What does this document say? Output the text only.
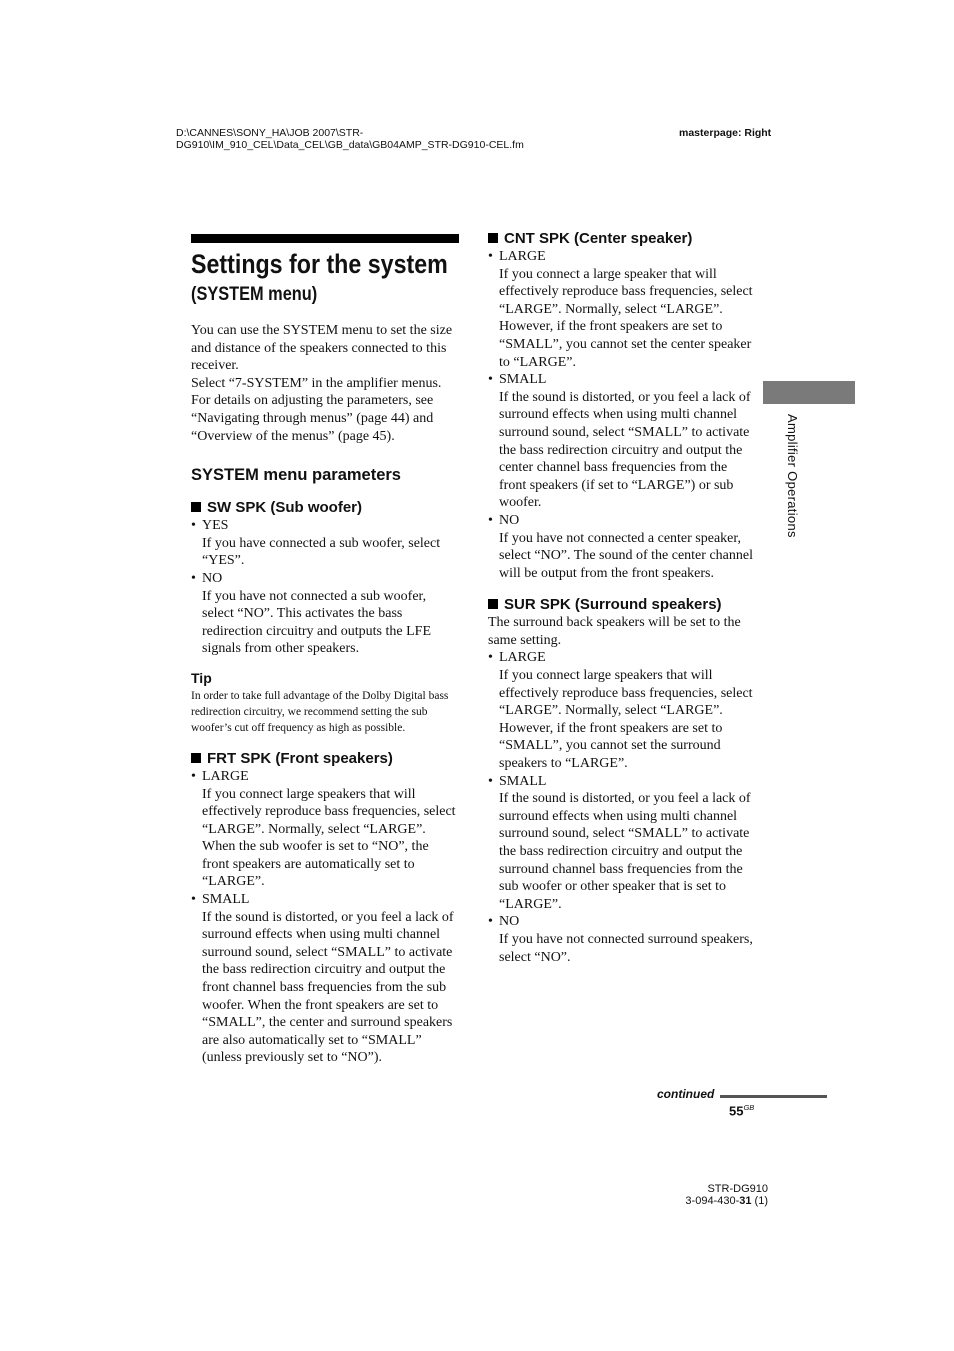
D:\CANNES\SONY_HA\JOB 2007\STR-
DG910\IM_910_CEL\Data_CEL\GB_data\GB04AMP_STR-DG910-CEL.fm
masterpage: Right
Settings for the system
(SYSTEM menu)

You can use the SYSTEM menu to set the size and distance of the speakers connected to this receiver.

Select “7-SYSTEM” in the amplifier menus. For details on adjusting the parameters, see “Navigating through menus” (page 44) and “Overview of the menus” (page 45).

SYSTEM menu parameters
SW SPK (Sub woofer)
• YES
If you have connected a sub woofer, select “YES”.
• NO
If you have not connected a sub woofer, select “NO”. This activates the bass redirection circuitry and outputs the LFE signals from other speakers.
Tip
In order to take full advantage of the Dolby Digital bass redirection circuitry, we recommend setting the sub woofer’s cut off frequency as high as possible.
FRT SPK (Front speakers)
• LARGE
If you connect large speakers that will effectively reproduce bass frequencies, select “LARGE”. Normally, select “LARGE”. When the sub woofer is set to “NO”, the front speakers are automatically set to “LARGE”.
• SMALL
If the sound is distorted, or you feel a lack of surround effects when using multi channel surround sound, select “SMALL” to activate the bass redirection circuitry and output the front channel bass frequencies from the sub woofer. When the front speakers are set to “SMALL”, the center and surround speakers are also automatically set to “SMALL” (unless previously set to “NO”).
CNT SPK (Center speaker)
• LARGE
If you connect a large speaker that will effectively reproduce bass frequencies, select “LARGE”. Normally, select “LARGE”. However, if the front speakers are set to “SMALL”, you cannot set the center speaker to “LARGE”.
• SMALL
If the sound is distorted, or you feel a lack of surround effects when using multi channel surround sound, select “SMALL” to activate the bass redirection circuitry and output the center channel bass frequencies from the front speakers (if set to “LARGE”) or sub woofer.
• NO
If you have not connected a center speaker, select “NO”. The sound of the center channel will be output from the front speakers.
SUR SPK (Surround speakers)

The surround back speakers will be set to the same setting.

• LARGE
If you connect large speakers that will effectively reproduce bass frequencies, select “LARGE”. Normally, select “LARGE”. However, if the front speakers are set to “SMALL”, you cannot set the surround speakers to “LARGE”.
• SMALL
If the sound is distorted, or you feel a lack of surround effects when using multi channel surround sound, select “SMALL” to activate the bass redirection circuitry and output the surround channel bass frequencies from the sub woofer or other speaker that is set to “LARGE”.
• NO
If you have not connected surround speakers, select “NO”.
Amplifier Operations
continued
$55^{GB}$
STR-DG910
3-094-430-31 (1)
